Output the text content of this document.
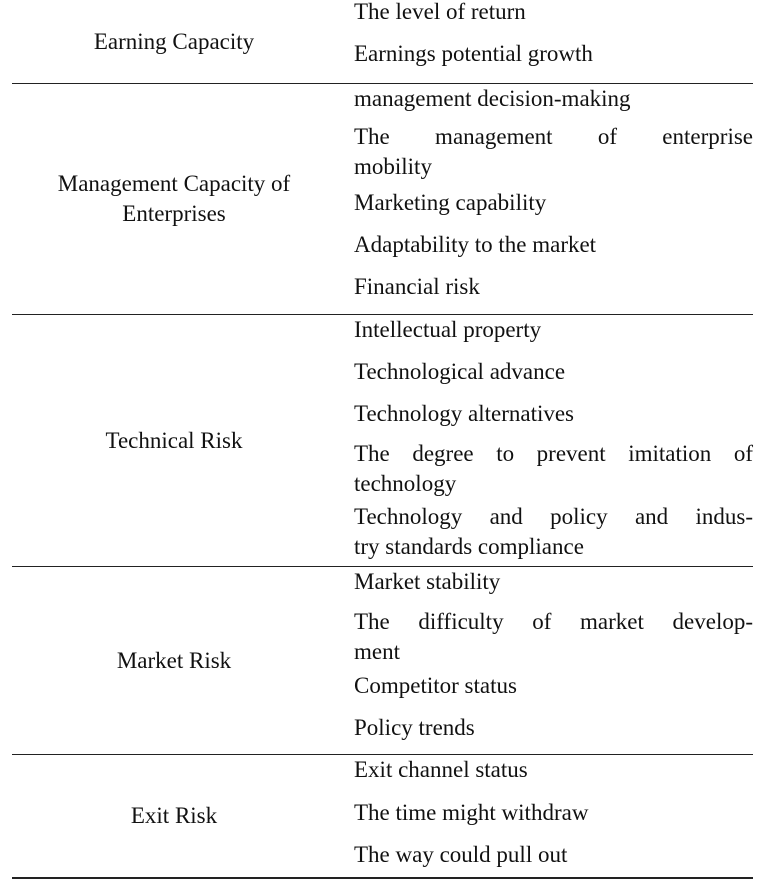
Earning Capacity
The level of return
Earnings potential growth
Management Capacity of Enterprises
management decision-making
The management of enterprise
mobility
Marketing capability
Adaptability to the market
Financial risk
Technical Risk
Intellectual property
Technological advance
Technology alternatives
The degree to prevent imitation of
technology
Technology and policy and indus-
try standards compliance
Market Risk
Market stability
The difficulty of market develop-
ment
Competitor status
Policy trends
Exit Risk
Exit channel status
The time might withdraw
The way could pull out
